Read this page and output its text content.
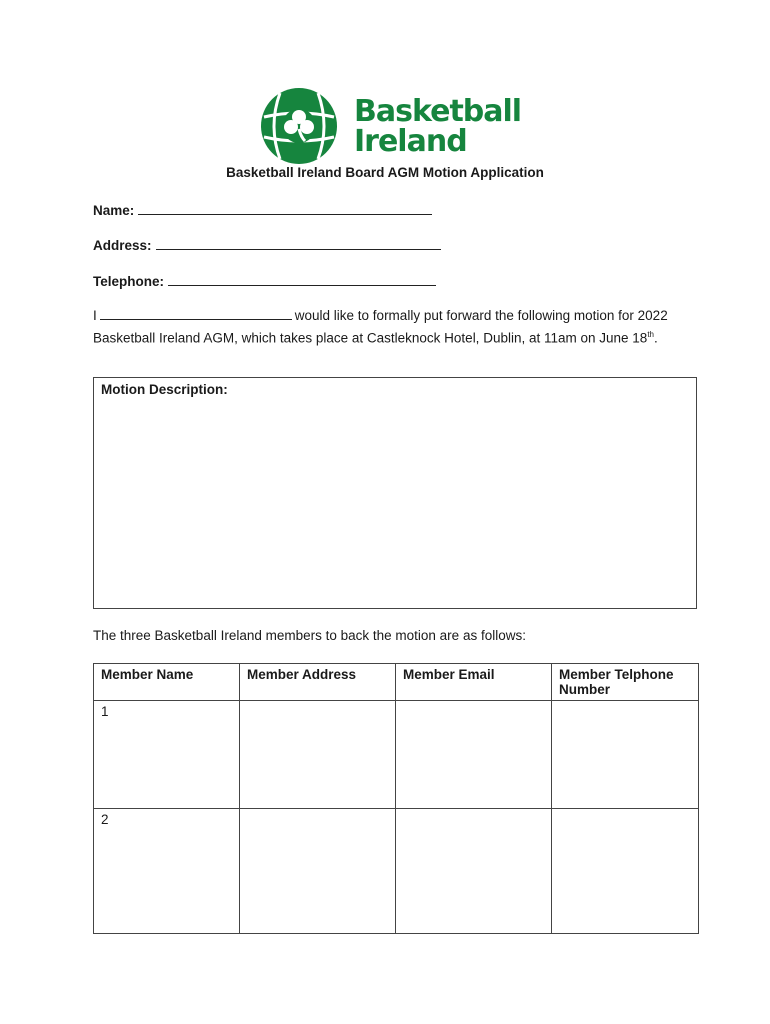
Basketball
Ireland
Basketball Ireland Board AGM Motion Application
Name:
Address:
Telephone:
I	would like to formally put forward the following motion for 2022 Basketball Ireland AGM, which takes place at Castleknock Hotel, Dublin, at 11am on June 18th.
Motion Description:
The three Basketball Ireland members to back the motion are as follows:
Member Name	Member Address	Member Email	Member Telphone Number
1			
2			
